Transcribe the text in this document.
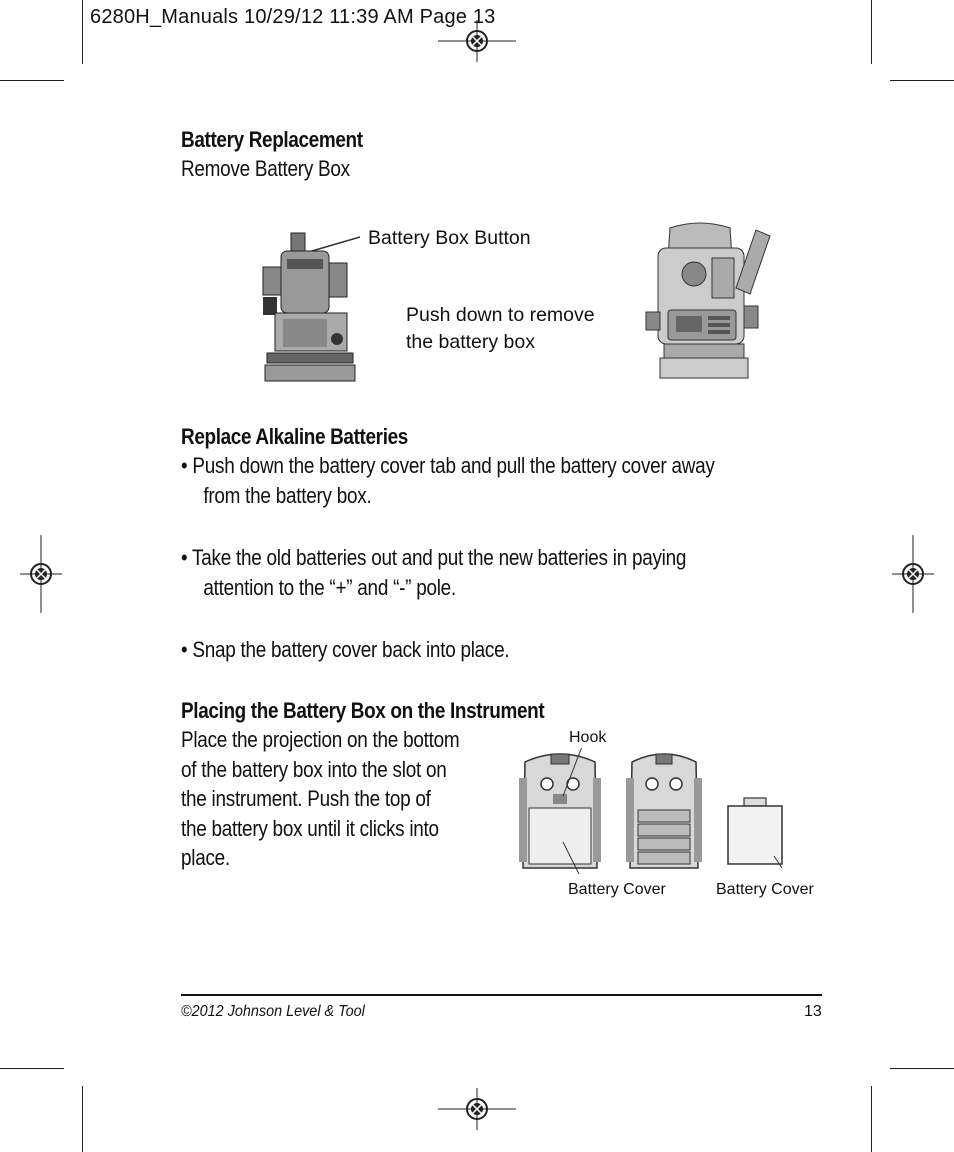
6280H_Manuals 10/29/12 11:39 AM Page 13
Battery Replacement
Remove Battery Box
Battery Box Button
Push down to remove
the battery box
Replace Alkaline Batteries
• Push down the battery cover tab and pull the battery cover away
from the battery box.
• Take the old batteries out and put the new batteries in paying
attention to the “+” and “-” pole.
• Snap the battery cover back into place.
Placing the Battery Box on the Instrument
Place the projection on the bottom
of the battery box into the slot on
the instrument. Push the top of
the battery box until it clicks into
place.
Hook
Battery Cover	Battery Cover
©2012 Johnson Level & Tool	13
